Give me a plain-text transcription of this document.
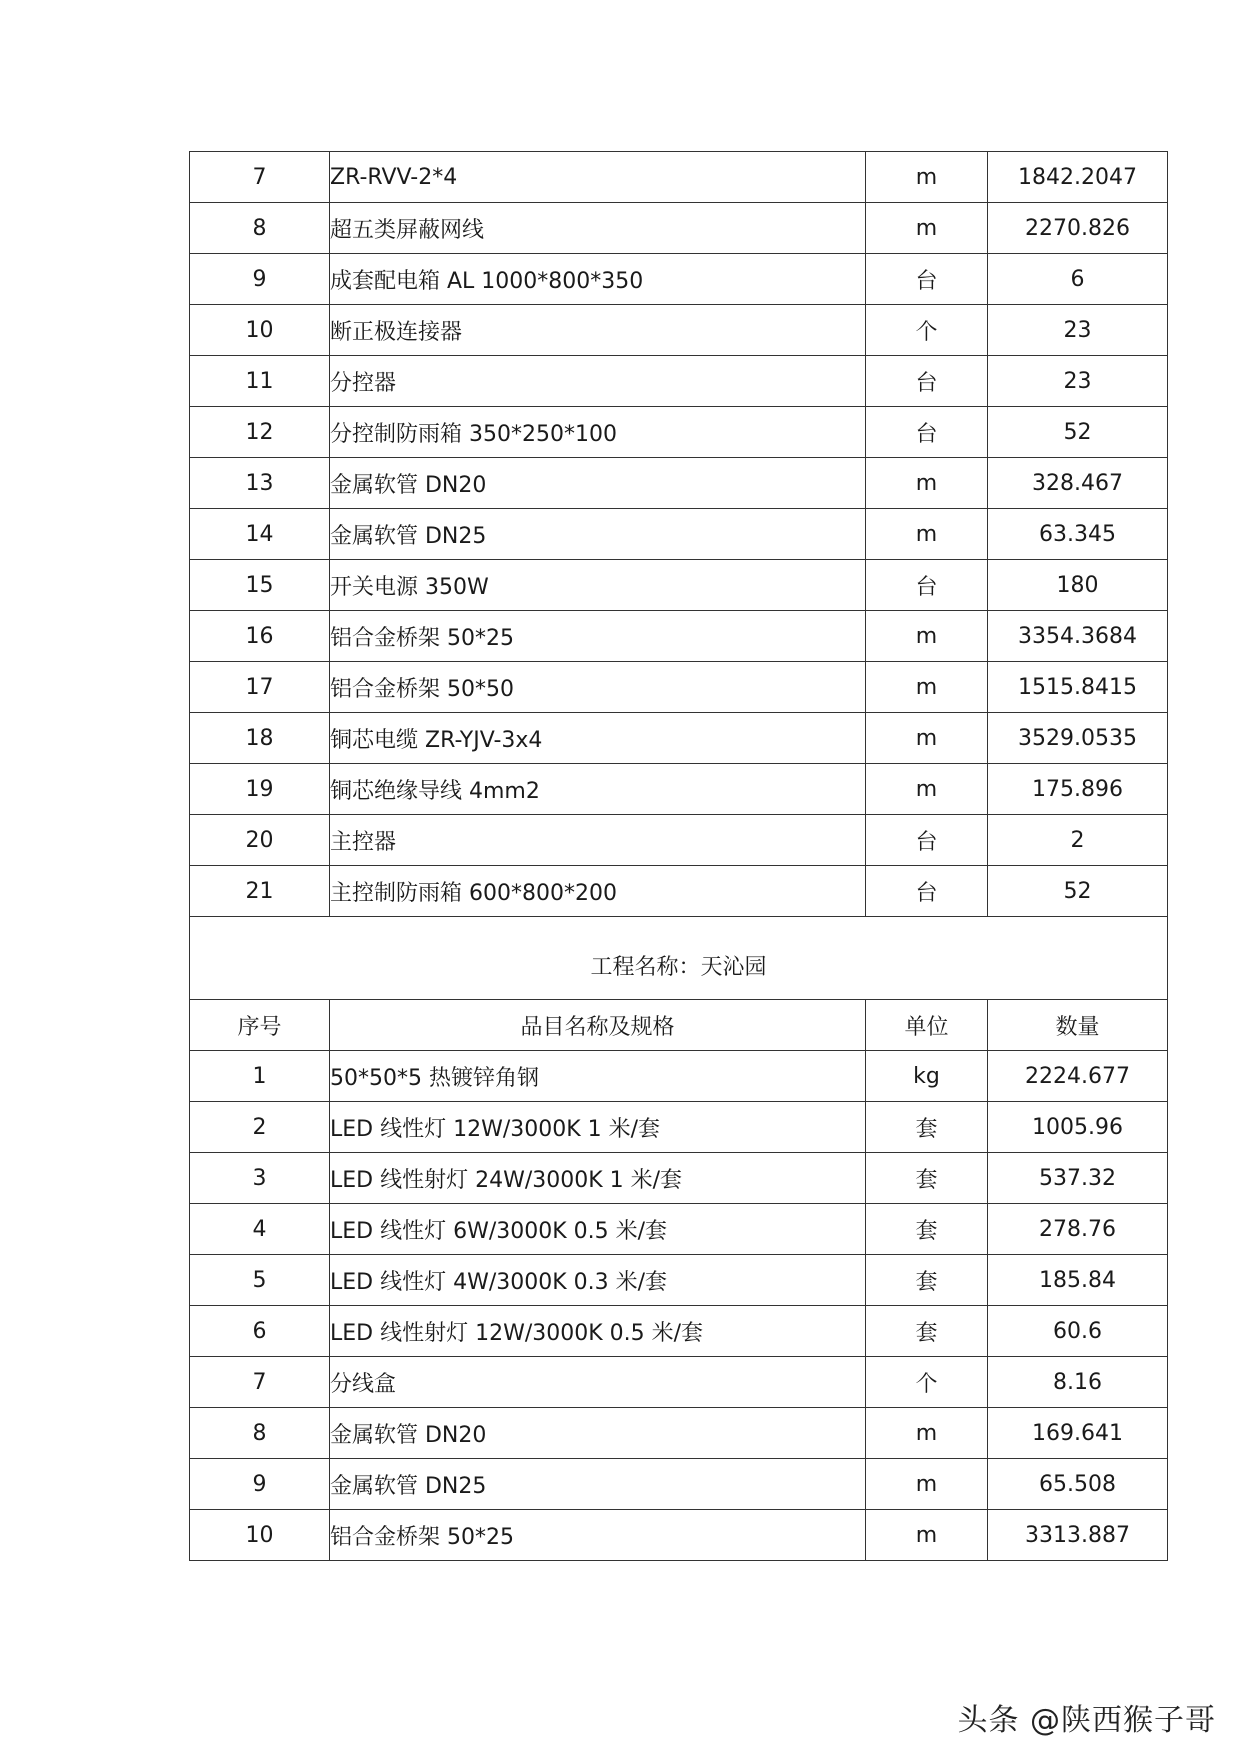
7	ZR-RVV-2*4	m	1842.2047
8	超五类屏蔽网线	m	2270.826
9	成套配电箱 AL 1000*800*350	台	6
10	断正极连接器	个	23
11	分控器	台	23
12	分控制防雨箱 350*250*100	台	52
13	金属软管 DN20	m	328.467
14	金属软管 DN25	m	63.345
15	开关电源 350W	台	180
16	铝合金桥架 50*25	m	3354.3684
17	铝合金桥架 50*50	m	1515.8415
18	铜芯电缆 ZR-YJV-3x4	m	3529.0535
19	铜芯绝缘导线 4mm2	m	175.896
20	主控器	台	2
21	主控制防雨箱 600*800*200	台	52
工程名称：天沁园			
序号	品目名称及规格	单位	数量
1	50*50*5 热镀锌角钢	kg	2224.677
2	LED 线性灯 12W/3000K 1 米/套	套	1005.96
3	LED 线性射灯 24W/3000K 1 米/套	套	537.32
4	LED 线性灯 6W/3000K 0.5 米/套	套	278.76
5	LED 线性灯 4W/3000K 0.3 米/套	套	185.84
6	LED 线性射灯 12W/3000K 0.5 米/套	套	60.6
7	分线盒	个	8.16
8	金属软管 DN20	m	169.641
9	金属软管 DN25	m	65.508
10	铝合金桥架 50*25	m	3313.887
头条 @陕西猴子哥
